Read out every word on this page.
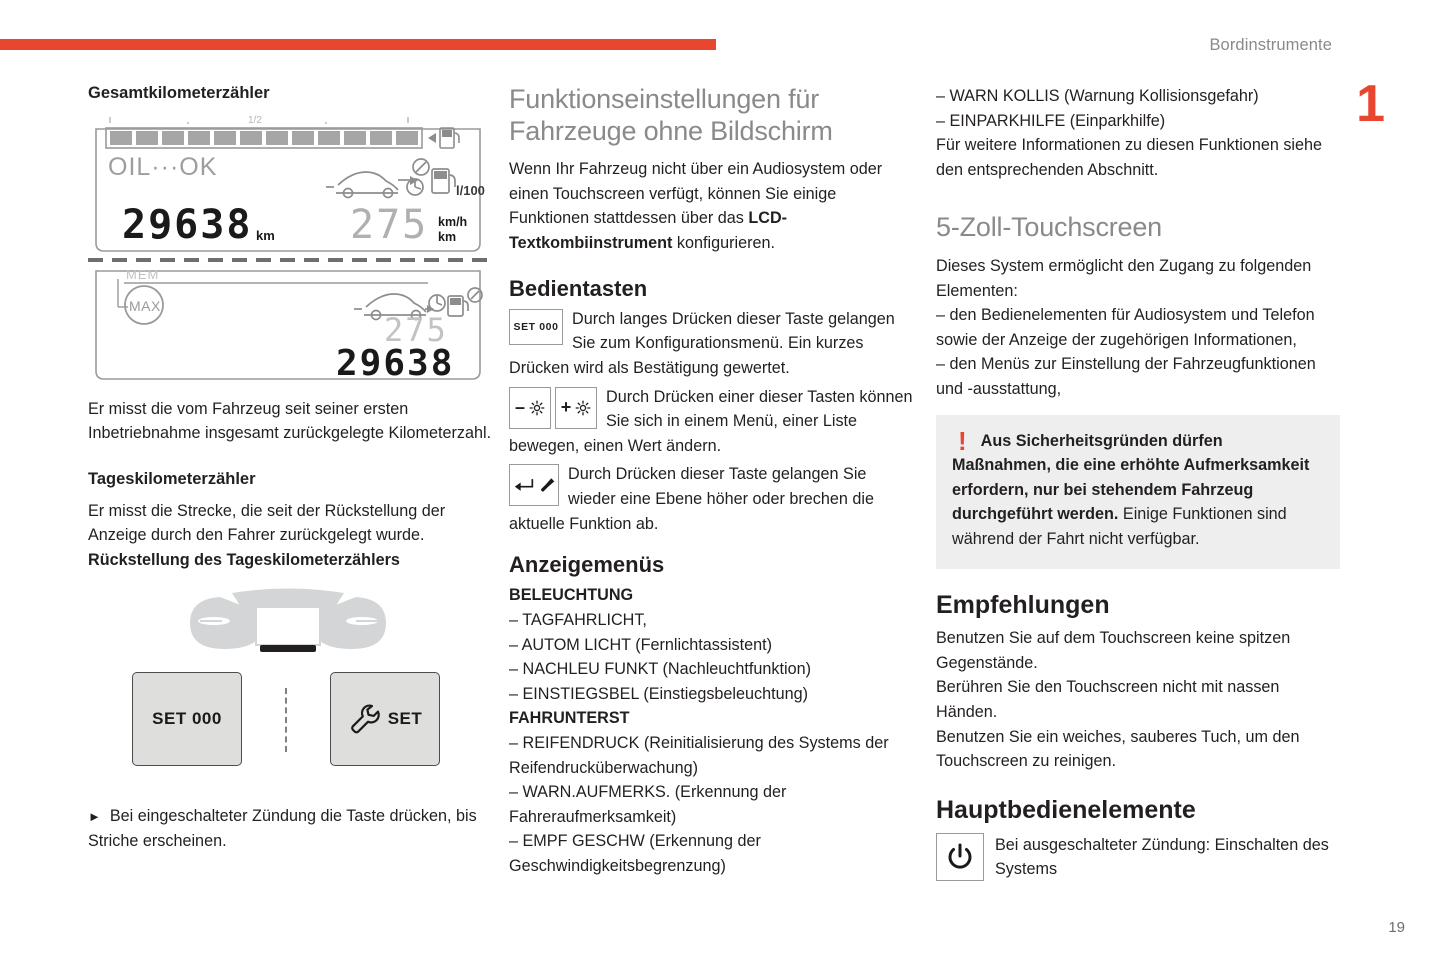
Bordinstrumente
1
19
Gesamtkilometerzähler
1/2
OIL···OK
l/100
29638 km 275 km/h
km
MEM
MAX
275
29638

Er misst die vom Fahrzeug seit seiner ersten Inbetriebnahme insgesamt zurückgelegte Kilometerzahl.

Tageskilometerzähler

Er misst die Strecke, die seit der Rückstellung der Anzeige durch den Fahrer zurückgelegt wurde.

Rückstellung des Tageskilometerzählers

SET 000	SET

► Bei eingeschalteter Zündung die Taste drücken, bis Striche erscheinen.

Funktionseinstellungen für Fahrzeuge ohne Bildschirm

Wenn Ihr Fahrzeug nicht über ein Audiosystem oder einen Touchscreen verfügt, können Sie einige Funktionen stattdessen über das LCD-Textkombiinstrument konfigurieren.

Bedientasten
SET 000 Durch langes Drücken dieser Taste gelangen Sie zum Konfigurationsmenü. Ein kurzes Drücken wird als Bestätigung gewertet.
– +
Durch Drücken einer dieser Tasten können Sie sich in einem Menü, einer Liste bewegen, einen Wert ändern.
Durch Drücken dieser Taste gelangen Sie wieder eine Ebene höher oder brechen die aktuelle Funktion ab.
Anzeigemenüs
BELEUCHTUNG
– TAGFAHRLICHT,
– AUTOM LICHT (Fernlichtassistent)
– NACHLEU FUNKT (Nachleuchtfunktion)
– EINSTIEGSBEL (Einstiegsbeleuchtung)
FAHRUNTERST
– REIFENDRUCK (Reinitialisierung des Systems der Reifendrucküberwachung)
– WARN.AUFMERKS. (Erkennung der Fahreraufmerksamkeit)
– EMPF GESCHW (Erkennung der Geschwindigkeitsbegrenzung)
– WARN KOLLIS (Warnung Kollisionsgefahr)
– EINPARKHILFE (Einparkhilfe)

Für weitere Informationen zu diesen Funktionen siehe den entsprechenden Abschnitt.

5-Zoll-Touchscreen

Dieses System ermöglicht den Zugang zu folgenden Elementen:

– den Bedienelementen für Audiosystem und Telefon sowie der Anzeige der zugehörigen Informationen,
– den Menüs zur Einstellung der Fahrzeugfunktionen und -ausstattung,
! Aus Sicherheitsgründen dürfen Maßnahmen, die eine erhöhte Aufmerksamkeit erfordern, nur bei stehendem Fahrzeug durchgeführt werden. Einige Funktionen sind während der Fahrt nicht verfügbar.
Empfehlungen

Benutzen Sie auf dem Touchscreen keine spitzen Gegenstände.

Berühren Sie den Touchscreen nicht mit nassen Händen.

Benutzen Sie ein weiches, sauberes Tuch, um den Touchscreen zu reinigen.

Hauptbedienelemente
Bei ausgeschalteter Zündung: Einschalten des Systems
